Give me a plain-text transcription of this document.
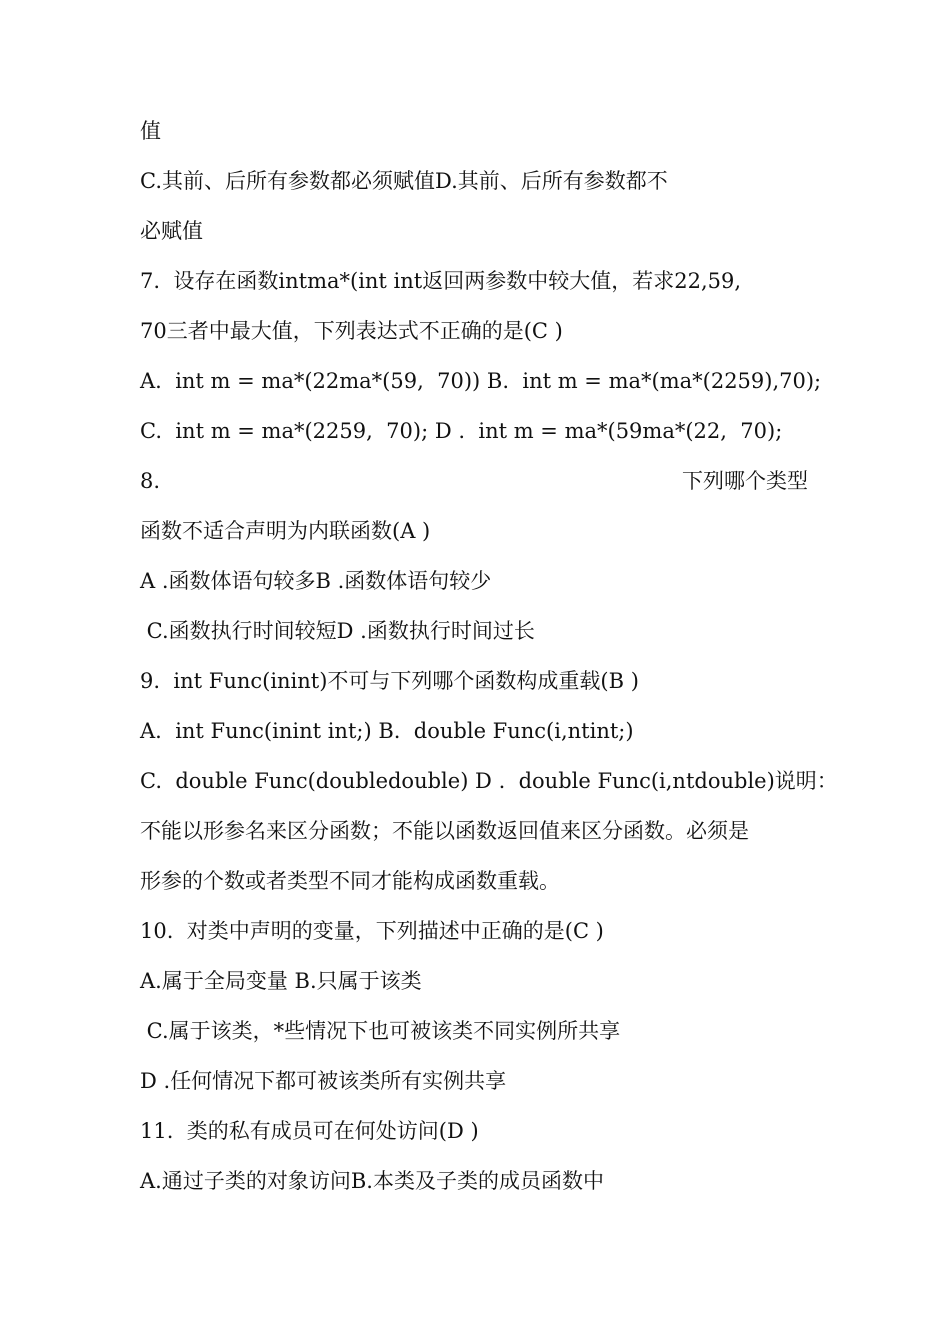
值
C.其前、后所有参数都必须赋值D.其前、后所有参数都不
必赋值
7.  设存在函数intma*(int int返回两参数中较大值，若求22,59,
70三者中最大值，下列表达式不正确的是(C )
A.  int m = ma*(22ma*(59,  70)) B.  int m = ma*(ma*(2259),70);
C.  int m = ma*(2259,  70); D .  int m = ma*(59ma*(22,  70);
8.	下列哪个类型
函数不适合声明为内联函数(A )
A .函数体语句较多B .函数体语句较少
C.函数执行时间较短D .函数执行时间过长
9.  int Func(inint)不可与下列哪个函数构成重载(B )
A.  int Func(inint int;) B.  double Func(i,ntint;)
C.  double Func(doubledouble) D .  double Func(i,ntdouble)说明：
不能以形参名来区分函数；不能以函数返回值来区分函数。必须是
形参的个数或者类型不同才能构成函数重载。
10.  对类中声明的变量，下列描述中正确的是(C )
A.属于全局变量 B.只属于该类
C.属于该类，*些情况下也可被该类不同实例所共享
D .任何情况下都可被该类所有实例共享
11.  类的私有成员可在何处访问(D )
A.通过子类的对象访问B.本类及子类的成员函数中
